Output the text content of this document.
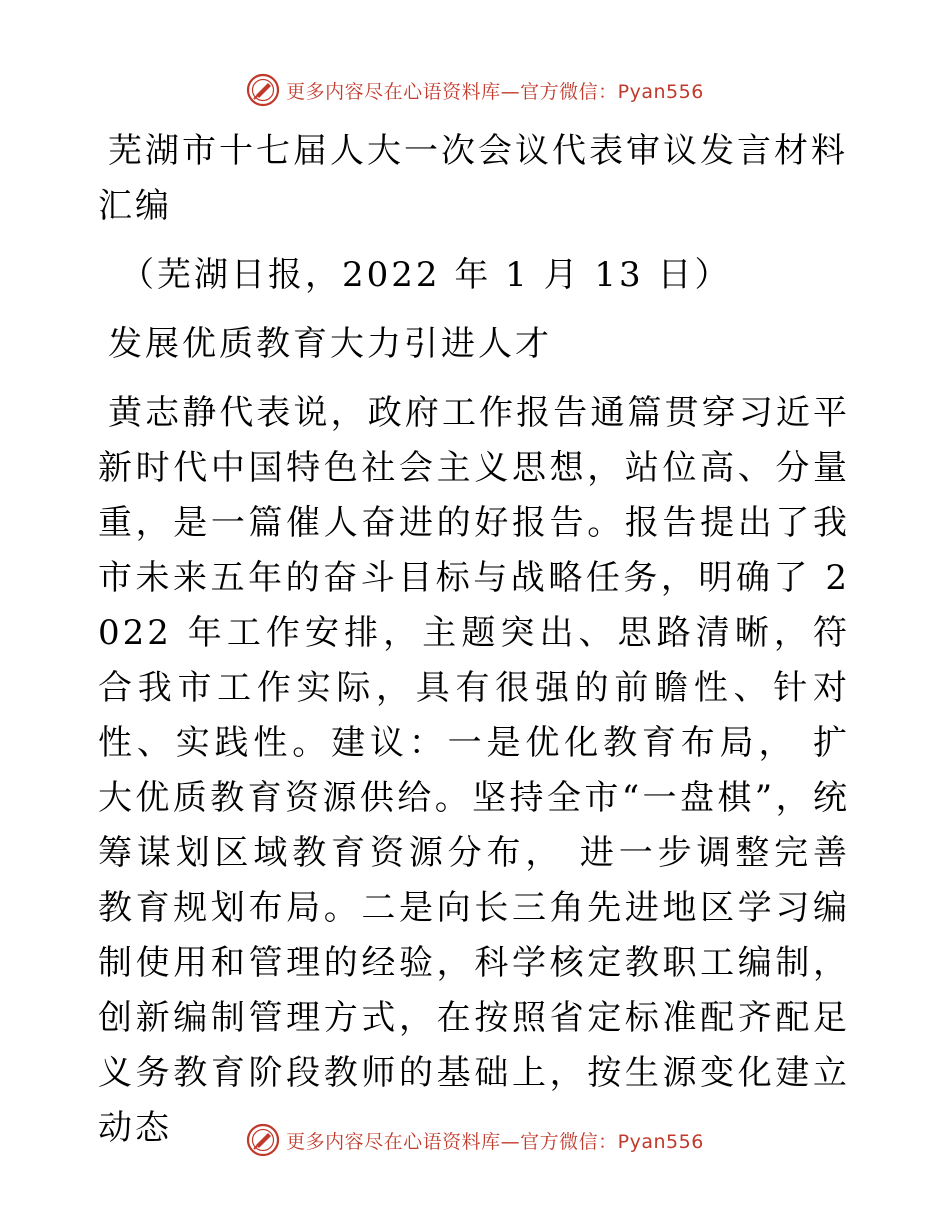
更多内容尽在心语资料库—官方微信：Pyan556

芜湖市十七届人大一次会议代表审议发言材料汇编

（芜湖日报，2022 年 1 月 13 日）

发展优质教育大力引进人才

黄志静代表说，政府工作报告通篇贯穿习近平新时代中国特色社会主义思想，站位高、分量重，是一篇催人奋进的好报告。报告提出了我市未来五年的奋斗目标与战略任务，明确了 2022 年工作安排，主题突出、思路清晰，符合我市工作实际，具有很强的前瞻性、针对性、实践性。建议：一是优化教育布局， 扩大优质教育资源供给。坚持全市“一盘棋”，统筹谋划区域教育资源分布， 进一步调整完善教育规划布局。二是向长三角先进地区学习编制使用和管理的经验，科学核定教职工编制，创新编制管理方式，在按照省定标准配齐配足义务教育阶段教师的基础上，按生源变化建立动态	更多内容尽在心语资料库—官方微信：Pyan556
